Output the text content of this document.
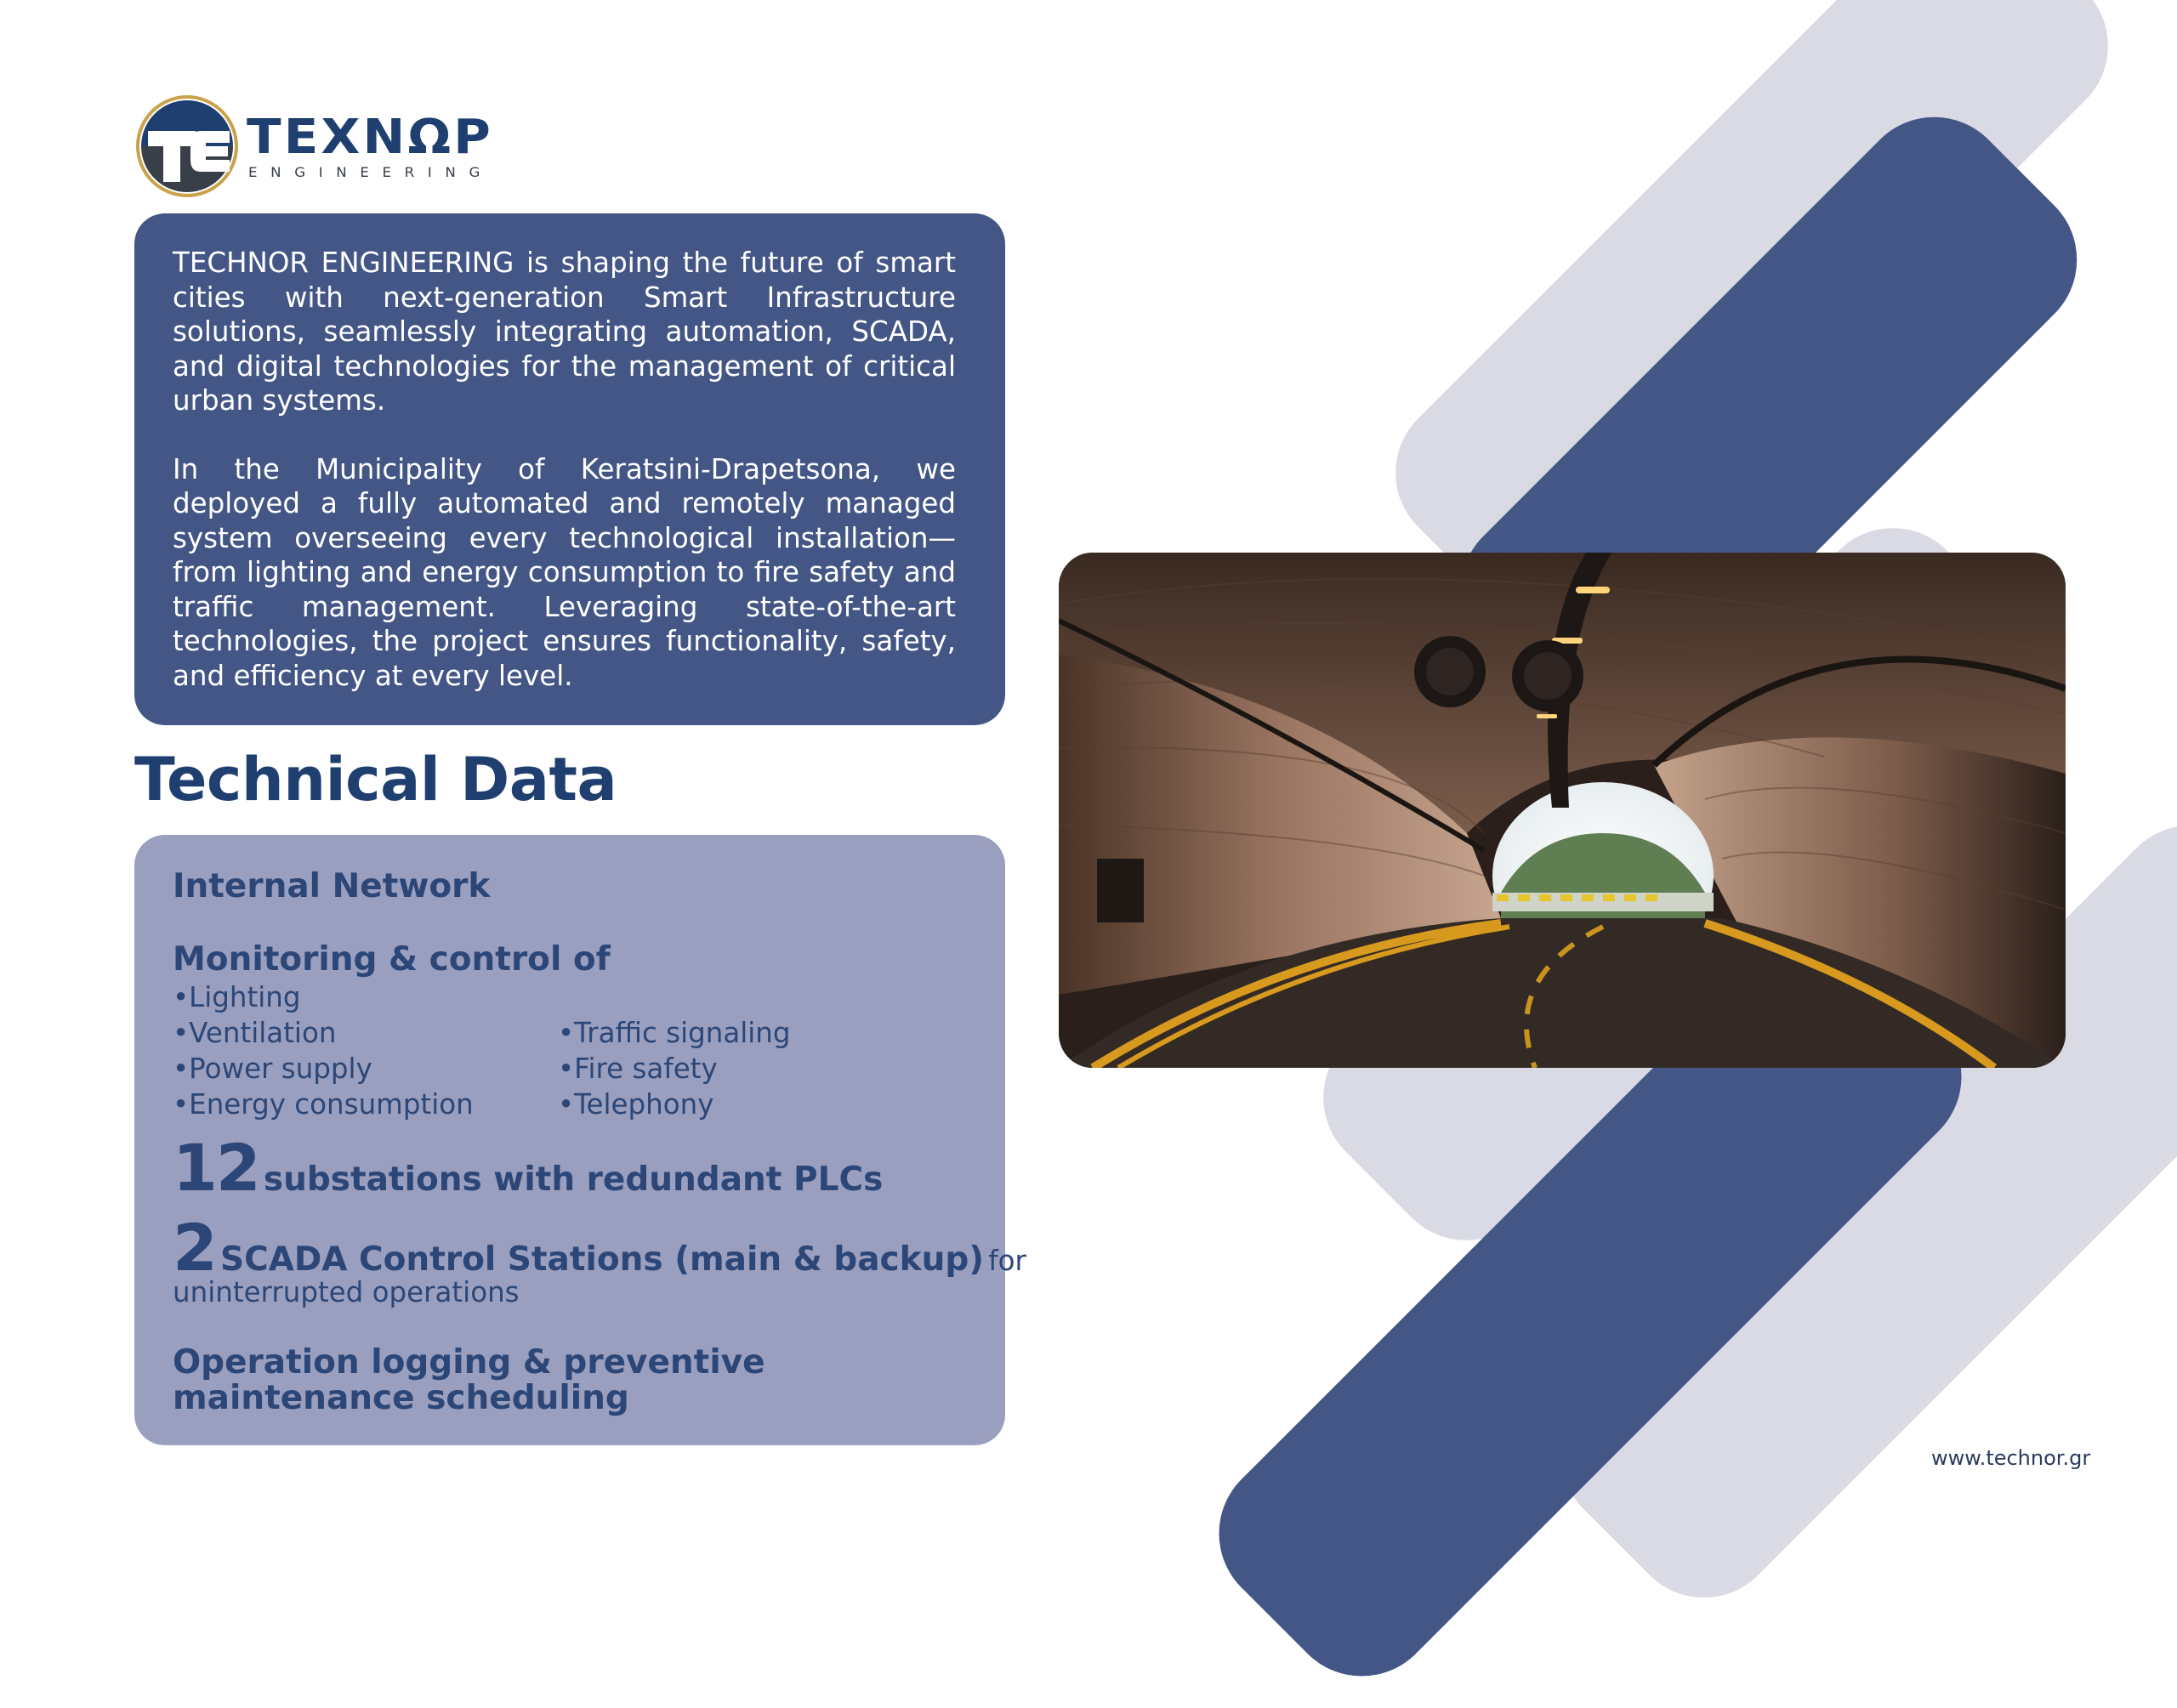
TEXNΩP
ENGINEERING

TECHNOR ENGINEERING is shaping the future of smart cities with next-generation Smart Infrastructure solutions, seamlessly integrating automation, SCADA, and digital technologies for the management of critical urban systems.

In the Municipality of Keratsini-Drapetsona, we deployed a fully automated and remotely managed system overseeing every technological installation—from lighting and energy consumption to fire safety and traffic management. Leveraging state-of-the-art technologies, the project ensures functionality, safety, and efficiency at every level.

Technical Data
Internal Network
Monitoring & control of
•Lighting
•Ventilation
•Power supply
•Energy consumption
•Traffic signaling
•Fire safety
•Telephony
12 substations with redundant PLCs
2 SCADA Control Stations (main & backup) for
uninterrupted operations
Operation logging & preventive maintenance scheduling
www.technor.gr
